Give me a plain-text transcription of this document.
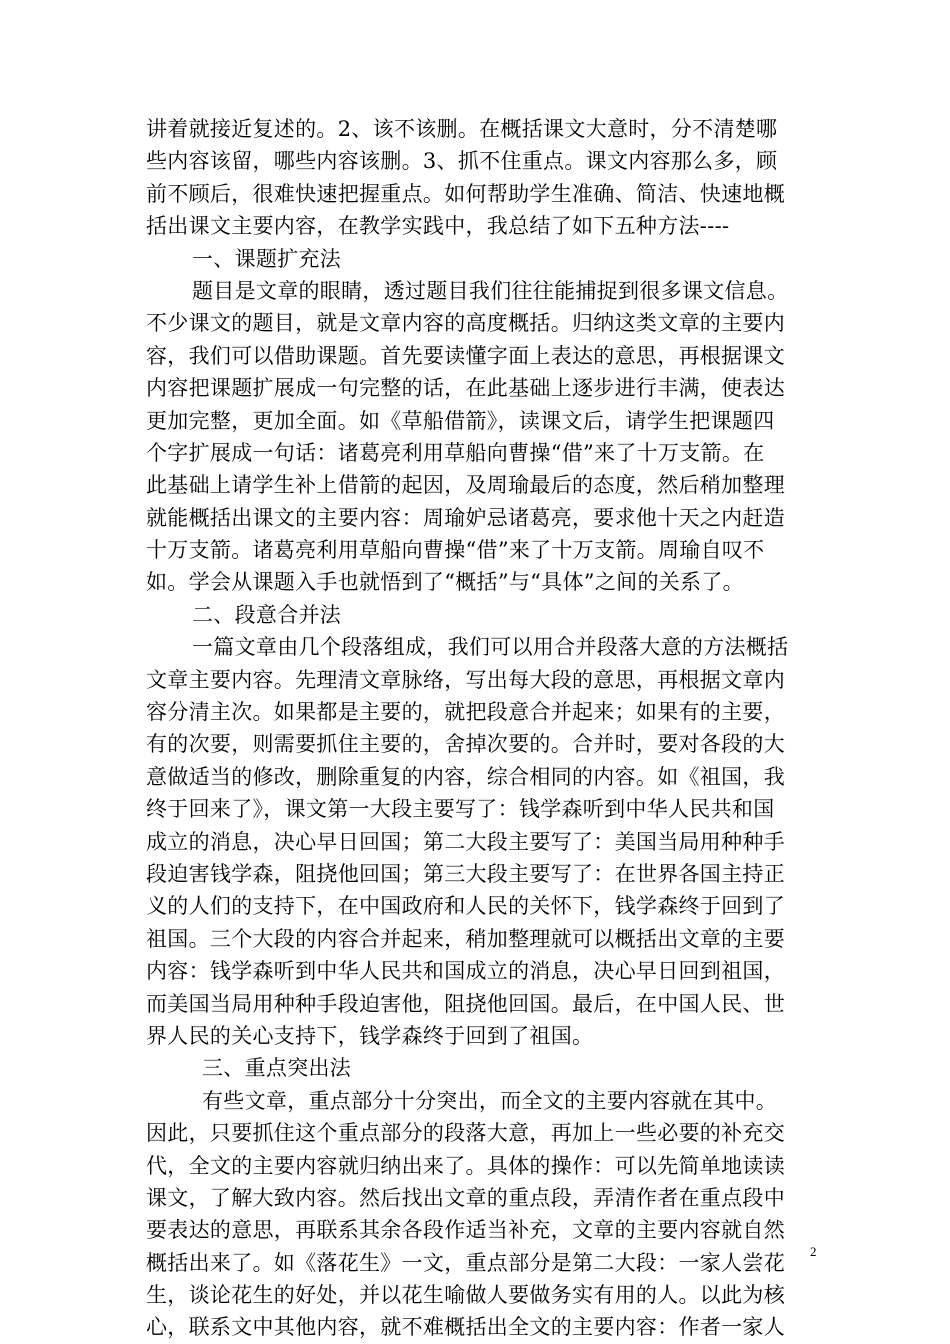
讲着就接近复述的。2、该不该删。在概括课文大意时，分不清楚哪
些内容该留，哪些内容该删。3、抓不住重点。课文内容那么多，顾
前不顾后，很难快速把握重点。如何帮助学生准确、简洁、快速地概
括出课文主要内容，在教学实践中，我总结了如下五种方法----
一、课题扩充法
题目是文章的眼睛，透过题目我们往往能捕捉到很多课文信息。
不少课文的题目，就是文章内容的高度概括。归纳这类文章的主要内
容，我们可以借助课题。首先要读懂字面上表达的意思，再根据课文
内容把课题扩展成一句完整的话，在此基础上逐步进行丰满，使表达
更加完整，更加全面。如《草船借箭》，读课文后，请学生把课题四
个字扩展成一句话：诸葛亮利用草船向曹操“借”来了十万支箭。在
此基础上请学生补上借箭的起因，及周瑜最后的态度，然后稍加整理
就能概括出课文的主要内容：周瑜妒忌诸葛亮，要求他十天之内赶造
十万支箭。诸葛亮利用草船向曹操“借”来了十万支箭。周瑜自叹不
如。学会从课题入手也就悟到了“概括”与“具体”之间的关系了。
二、段意合并法
一篇文章由几个段落组成，我们可以用合并段落大意的方法概括
文章主要内容。先理清文章脉络，写出每大段的意思，再根据文章内
容分清主次。如果都是主要的，就把段意合并起来；如果有的主要，
有的次要，则需要抓住主要的，舍掉次要的。合并时，要对各段的大
意做适当的修改，删除重复的内容，综合相同的内容。如《祖国，我
终于回来了》，课文第一大段主要写了：钱学森听到中华人民共和国
成立的消息，决心早日回国；第二大段主要写了：美国当局用种种手
段迫害钱学森，阻挠他回国；第三大段主要写了：在世界各国主持正
义的人们的支持下，在中国政府和人民的关怀下，钱学森终于回到了
祖国。三个大段的内容合并起来，稍加整理就可以概括出文章的主要
内容：钱学森听到中华人民共和国成立的消息，决心早日回到祖国，
而美国当局用种种手段迫害他，阻挠他回国。最后，在中国人民、世
界人民的关心支持下，钱学森终于回到了祖国。
三、重点突出法
有些文章，重点部分十分突出，而全文的主要内容就在其中。
因此，只要抓住这个重点部分的段落大意，再加上一些必要的补充交
代，全文的主要内容就归纳出来了。具体的操作：可以先简单地读读
课文，了解大致内容。然后找出文章的重点段，弄清作者在重点段中
要表达的意思，再联系其余各段作适当补充，文章的主要内容就自然
概括出来了。如《落花生》一文，重点部分是第二大段：一家人尝花
生，谈论花生的好处，并以花生喻做人要做务实有用的人。以此为核
心，联系文中其他内容，就不难概括出全文的主要内容：作者一家人
2
